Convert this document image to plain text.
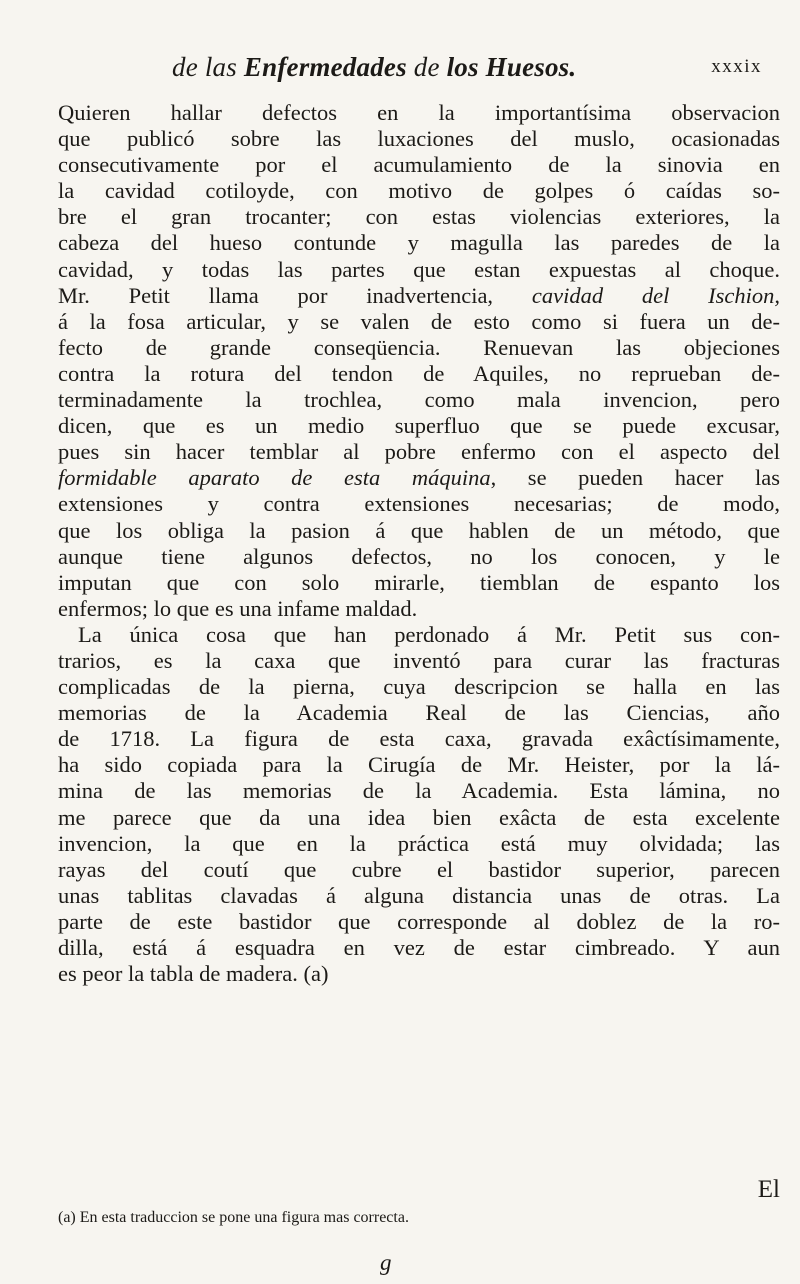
de las Enfermedades de los Huesos.	xxxix
Quieren hallar defectos en la importantísima observacion
que publicó sobre las luxaciones del muslo, ocasionadas
consecutivamente por el acumulamiento de la sinovia en
la cavidad cotiloyde, con motivo de golpes ó caídas so-
bre el gran trocanter; con estas violencias exteriores, la
cabeza del hueso contunde y magulla las paredes de la
cavidad, y todas las partes que estan expuestas al choque.
Mr. Petit llama por inadvertencia, cavidad del Ischion,
á la fosa articular, y se valen de esto como si fuera un de-
fecto de grande conseqüencia. Renuevan las objeciones
contra la rotura del tendon de Aquiles, no reprueban de-
terminadamente la trochlea, como mala invencion, pero
dicen, que es un medio superfluo que se puede excusar,
pues sin hacer temblar al pobre enfermo con el aspecto del
formidable aparato de esta máquina, se pueden hacer las
extensiones y contra extensiones necesarias; de modo,
que los obliga la pasion á que hablen de un método, que
aunque tiene algunos defectos, no los conocen, y le
imputan que con solo mirarle, tiemblan de espanto los
enfermos; lo que es una infame maldad.
La única cosa que han perdonado á Mr. Petit sus con-
trarios, es la caxa que inventó para curar las fracturas
complicadas de la pierna, cuya descripcion se halla en las
memorias de la Academia Real de las Ciencias, año
de 1718. La figura de esta caxa, gravada exâctísimamente,
ha sido copiada para la Cirugía de Mr. Heister, por la lá-
mina de las memorias de la Academia. Esta lámina, no
me parece que da una idea bien exâcta de esta excelente
invencion, la que en la práctica está muy olvidada; las
rayas del coutí que cubre el bastidor superior, parecen
unas tablitas clavadas á alguna distancia unas de otras. La
parte de este bastidor que corresponde al doblez de la ro-
dilla, está á esquadra en vez de estar cimbreado. Y aun
es peor la tabla de madera. (a)
El
(a) En esta traduccion se pone una figura mas correcta.
g
